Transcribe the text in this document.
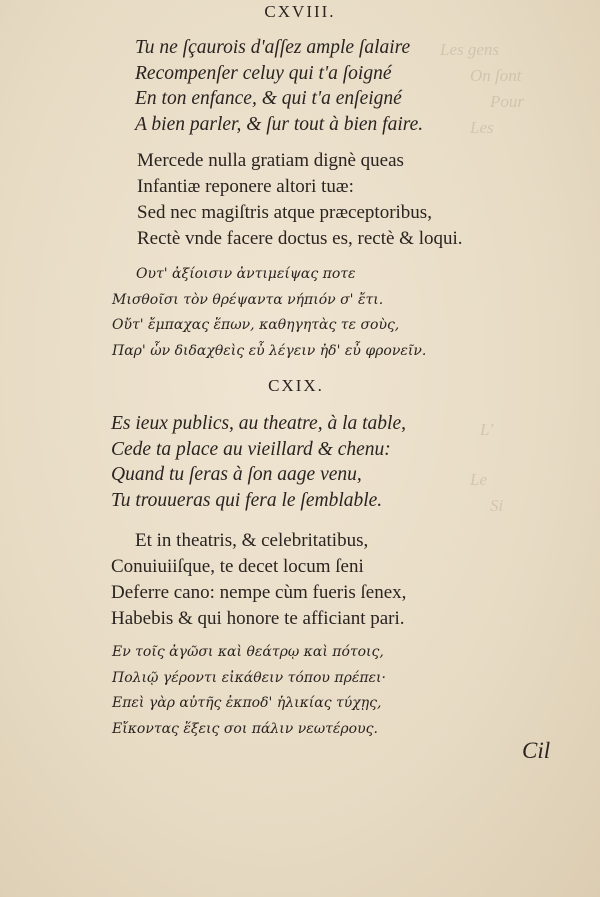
Les gens
On ſont
Pour
Les
L'
Le
Si
CXVIII.
Tu ne ſçaurois d'aſſez ample ſalaire
Recompenſer celuy qui t'a ſoigné
En ton enfance, & qui t'a enſeigné
A bien parler, & ſur tout à bien faire.
Mercede nulla gratiam dignè queas
Infantiæ reponere altori tuæ:
Sed nec magiſtris atque præceptoribus,
Rectè vnde facere doctus es, rectè & loqui.
Ουτ' ἀξίοισιν ἀντιμείψας ποτε
Μισθοῖσι τὸν θρέψαντα νήπιόν σ' ἔτι.
Οὔτ' ἔμπαχας ἕπων, καθηγητὰς τε σοὺς,
Παρ' ὧν διδαχθεὶς εὖ λέγειν ἠδ' εὖ φρονεῖν.
CXIX.
Es ieux publics, au theatre, à la table,
Cede ta place au vieillard & chenu:
Quand tu ſeras à ſon aage venu,
Tu trouueras qui fera le ſemblable.
Et in theatris, & celebritatibus,
Conuiuiiſque, te decet locum ſeni
Deferre cano: nempe cùm fueris ſenex,
Habebis & qui honore te afficiant pari.
Εν τοῖς ἀγῶσι καὶ θεάτρῳ καὶ πότοις,
Πολιῷ γέροντι εἰκάθειν τόπου πρέπει·
Επεὶ γὰρ αὐτῆς ἐκποδ' ἡλικίας τύχῃς,
Εἴκοντας ἕξεις σοι πάλιν νεωτέρους.
Cil
